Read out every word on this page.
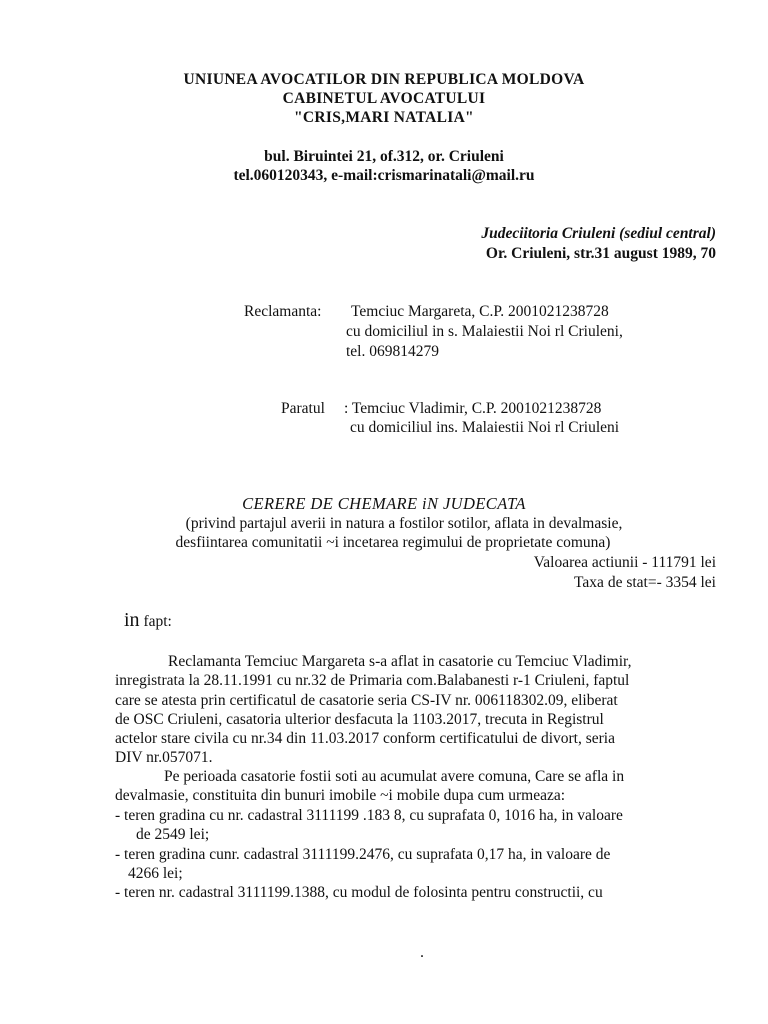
UNIUNEA AVOCATILOR DIN REPUBLICA MOLDOVA
CABINETUL AVOCATULUI
"CRIS,MARI NATALIA"
bul. Biruintei 21, of.312, or. Criuleni
tel.060120343, e-mail:crismarinatali@mail.ru
Judeciitoria Criuleni (sediul central)
Or. Criuleni, str.31 august 1989, 70
Reclamanta: Temciuc Margareta, C.P. 2001021238728
cu domiciliul in s. Malaiestii Noi rl Criuleni,
tel. 069814279
Paratul : Temciuc Vladimir, C.P. 2001021238728
cu domiciliul ins. Malaiestii Noi rl Criuleni
CERERE DE CHEMARE iN JUDECATA
(privind partajul averii in natura a fostilor sotilor, aflata in devalmasie,
desfiintarea comunitatii ~i incetarea regimului de proprietate comuna)
Valoarea actiunii - 111791 lei
Taxa de stat=- 3354 lei
in fapt:
Reclamanta Temciuc Margareta s-a aflat in casatorie cu Temciuc Vladimir,
inregistrata la 28.11.1991 cu nr.32 de Primaria com.Balabanesti r-1 Criuleni, faptul
care se atesta prin certificatul de casatorie seria CS-IV nr. 006118302.09, eliberat
de OSC Criuleni, casatoria ulterior desfacuta la 1103.2017, trecuta in Registrul
actelor stare civila cu nr.34 din 11.03.2017 conform certificatului de divort, seria
DIV nr.057071.
Pe perioada casatorie fostii soti au acumulat avere comuna, Care se afla in
devalmasie, constituita din bunuri imobile ~i mobile dupa cum urmeaza:
- teren gradina cu nr. cadastral 3111199 .183 8, cu suprafata 0, 1016 ha, in valoare
de 2549 lei;
- teren gradina cunr. cadastral 3111199.2476, cu suprafata 0,17 ha, in valoare de
4266 lei;
- teren nr. cadastral 3111199.1388, cu modul de folosinta pentru constructii, cu
.
